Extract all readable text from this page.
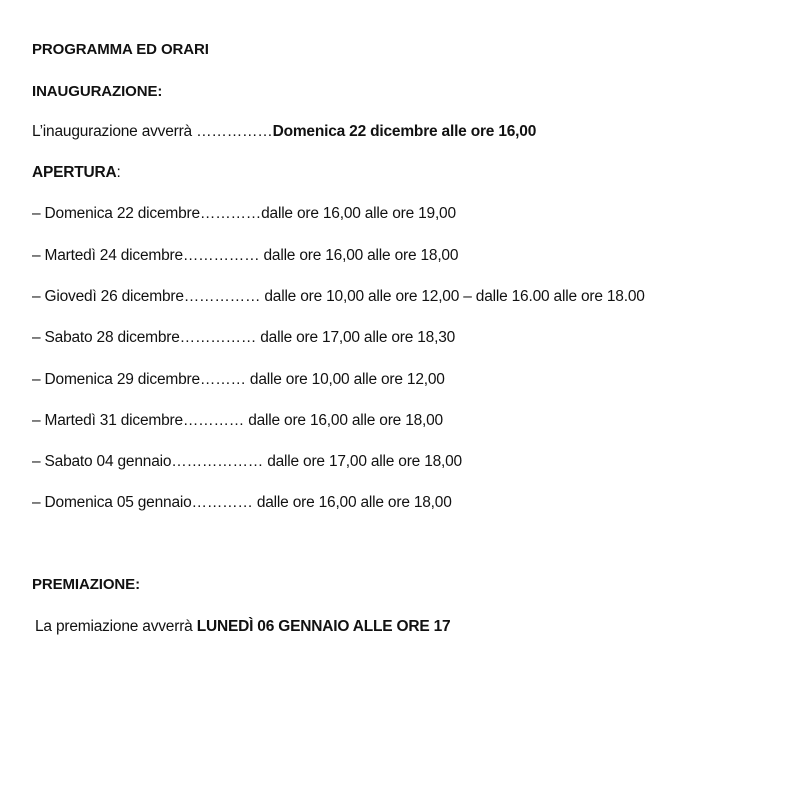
PROGRAMMA ED ORARI
INAUGURAZIONE:
L’inaugurazione avverrà ……………Domenica 22 dicembre alle ore 16,00
APERTURA:
– Domenica 22 dicembre…………dalle ore 16,00 alle ore 19,00
– Martedì 24 dicembre…………… dalle ore 16,00 alle ore 18,00
– Giovedì 26 dicembre…………… dalle ore 10,00 alle ore 12,00 – dalle 16.00 alle ore 18.00
– Sabato 28 dicembre…………… dalle ore 17,00 alle ore 18,30
– Domenica 29 dicembre……… dalle ore 10,00 alle ore 12,00
– Martedì 31 dicembre………… dalle ore 16,00 alle ore 18,00
– Sabato 04 gennaio……………… dalle ore 17,00 alle ore 18,00
– Domenica 05 gennaio………… dalle ore 16,00 alle ore 18,00
PREMIAZIONE:
La premiazione avverrà LUNEDÌ 06 GENNAIO ALLE ORE 17
